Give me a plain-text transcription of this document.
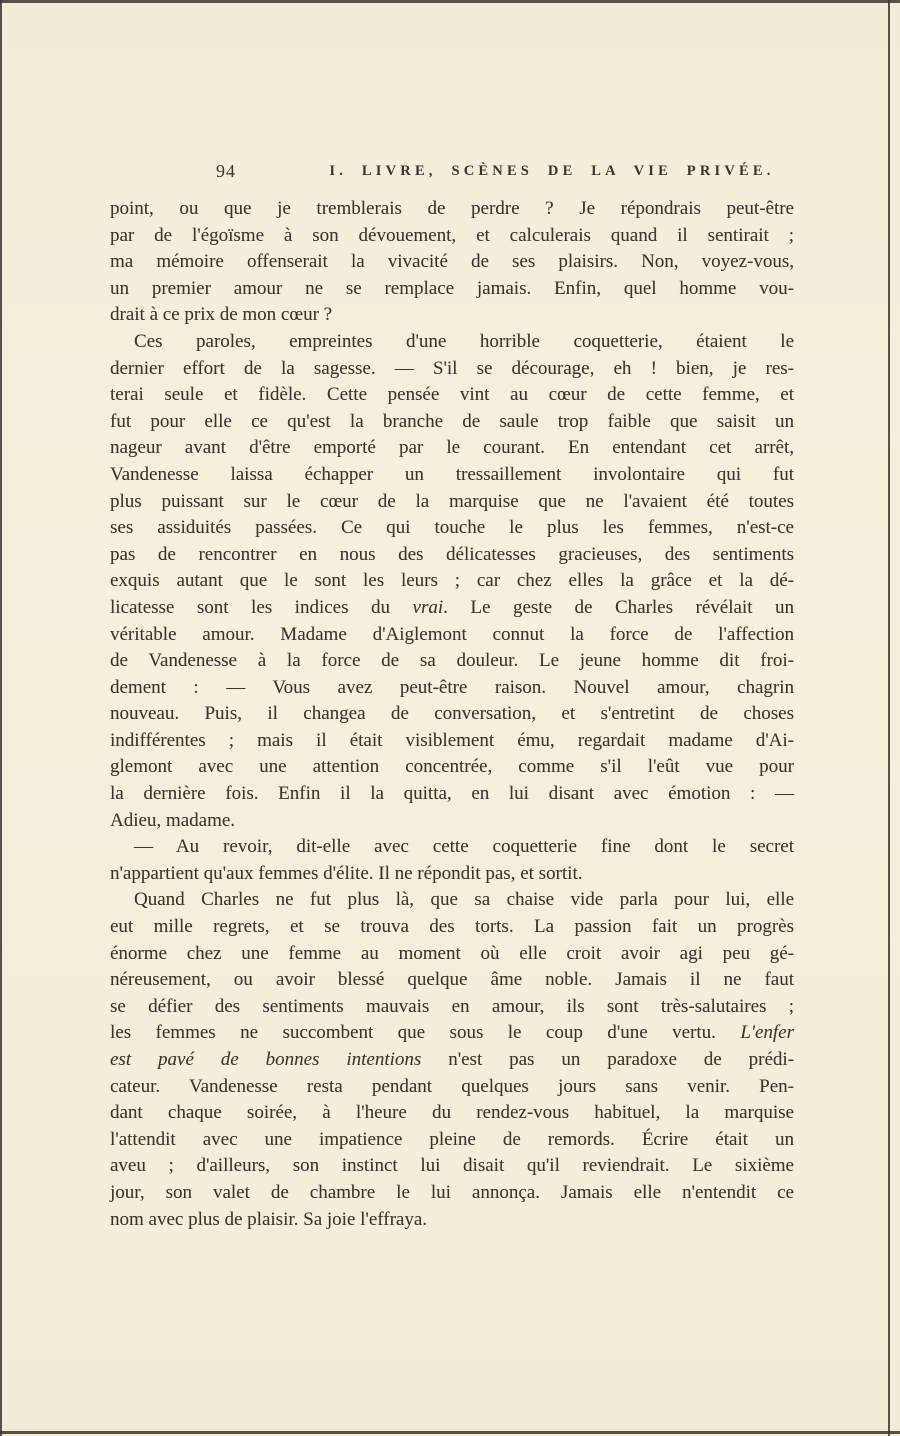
94	I. LIVRE, SCÈNES DE LA VIE PRIVÉE.
point, ou que je tremblerais de perdre ? Je répondrais peut-être
par de l'égoïsme à son dévouement, et calculerais quand il sentirait ;
ma mémoire offenserait la vivacité de ses plaisirs. Non, voyez-vous,
un premier amour ne se remplace jamais. Enfin, quel homme vou-
drait à ce prix de mon cœur ?
Ces paroles, empreintes d'une horrible coquetterie, étaient le
dernier effort de la sagesse. — S'il se décourage, eh ! bien, je res-
terai seule et fidèle. Cette pensée vint au cœur de cette femme, et
fut pour elle ce qu'est la branche de saule trop faible que saisit un
nageur avant d'être emporté par le courant. En entendant cet arrêt,
Vandenesse laissa échapper un tressaillement involontaire qui fut
plus puissant sur le cœur de la marquise que ne l'avaient été toutes
ses assiduités passées. Ce qui touche le plus les femmes, n'est-ce
pas de rencontrer en nous des délicatesses gracieuses, des sentiments
exquis autant que le sont les leurs ; car chez elles la grâce et la dé-
licatesse sont les indices du vrai. Le geste de Charles révélait un
véritable amour. Madame d'Aiglemont connut la force de l'affection
de Vandenesse à la force de sa douleur. Le jeune homme dit froi-
dement : — Vous avez peut-être raison. Nouvel amour, chagrin
nouveau. Puis, il changea de conversation, et s'entretint de choses
indifférentes ; mais il était visiblement ému, regardait madame d'Ai-
glemont avec une attention concentrée, comme s'il l'eût vue pour
la dernière fois. Enfin il la quitta, en lui disant avec émotion : —
Adieu, madame.
— Au revoir, dit-elle avec cette coquetterie fine dont le secret
n'appartient qu'aux femmes d'élite. Il ne répondit pas, et sortit.
Quand Charles ne fut plus là, que sa chaise vide parla pour lui, elle
eut mille regrets, et se trouva des torts. La passion fait un progrès
énorme chez une femme au moment où elle croit avoir agi peu gé-
néreusement, ou avoir blessé quelque âme noble. Jamais il ne faut
se défier des sentiments mauvais en amour, ils sont très-salutaires ;
les femmes ne succombent que sous le coup d'une vertu. L'enfer
est pavé de bonnes intentions n'est pas un paradoxe de prédi-
cateur. Vandenesse resta pendant quelques jours sans venir. Pen-
dant chaque soirée, à l'heure du rendez-vous habituel, la marquise
l'attendit avec une impatience pleine de remords. Écrire était un
aveu ; d'ailleurs, son instinct lui disait qu'il reviendrait. Le sixième
jour, son valet de chambre le lui annonça. Jamais elle n'entendit ce
nom avec plus de plaisir. Sa joie l'effraya.
